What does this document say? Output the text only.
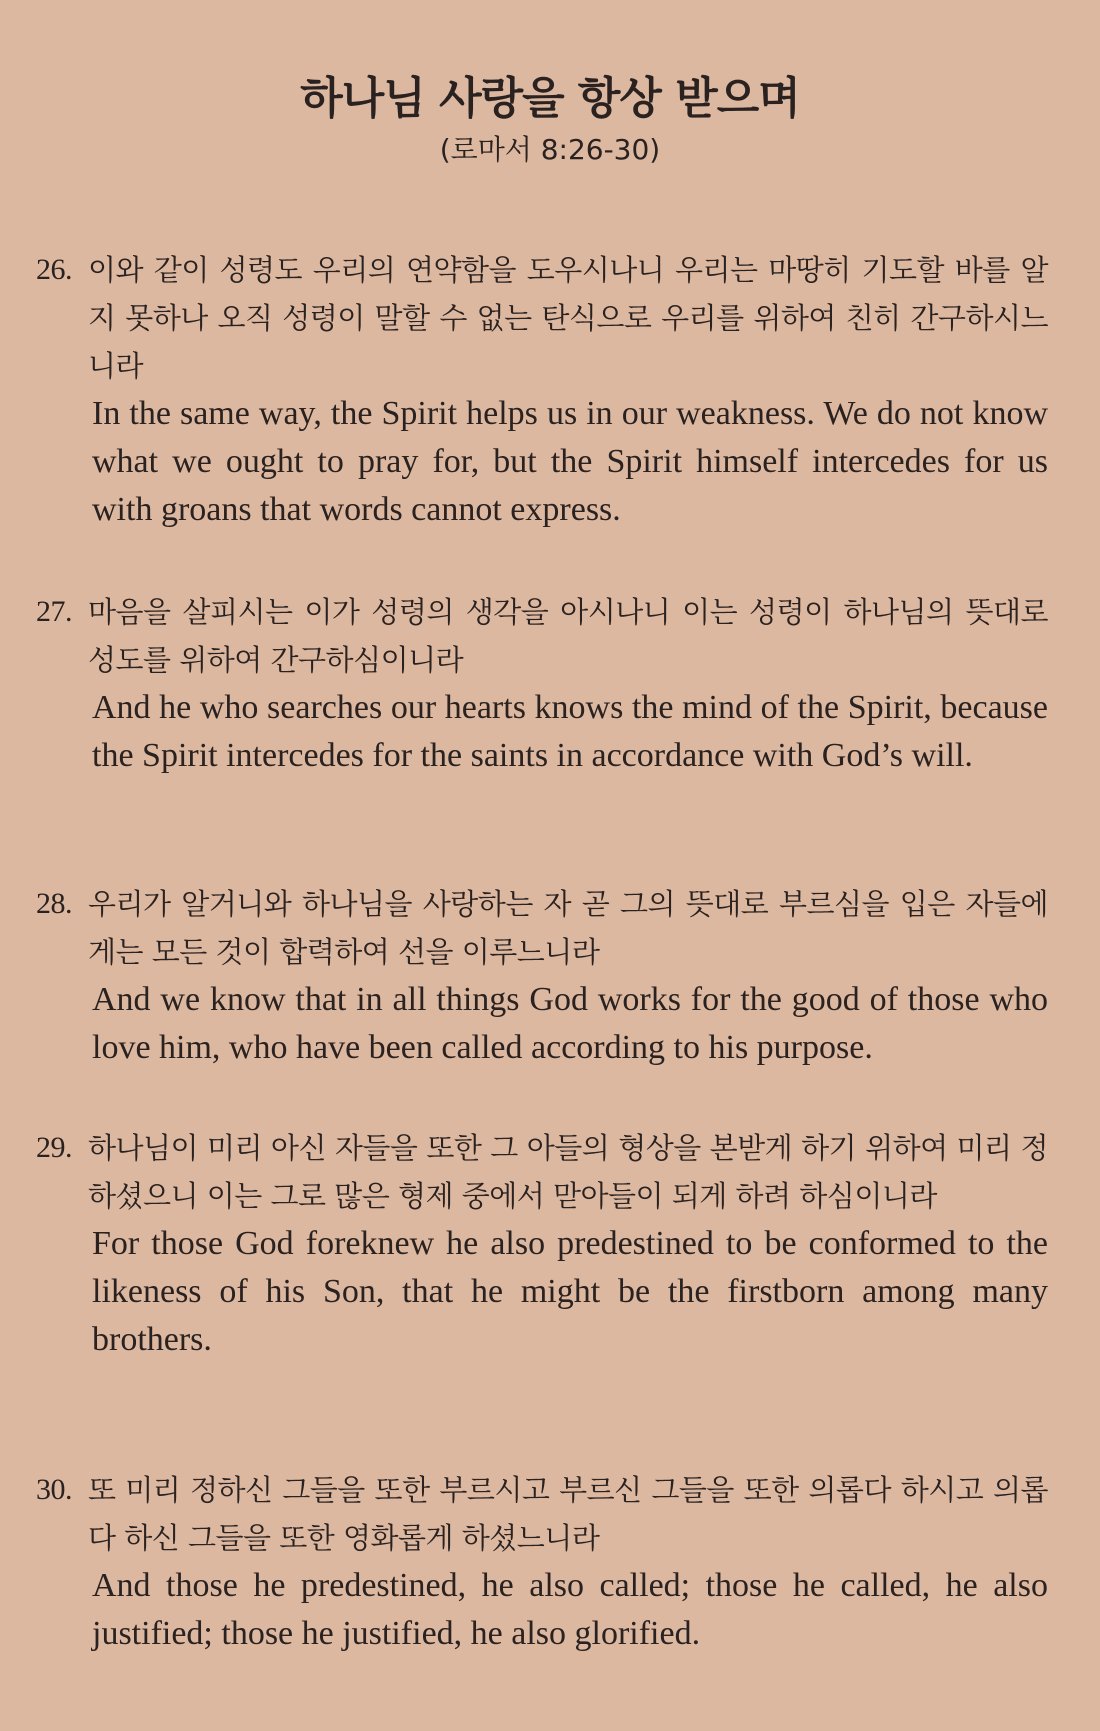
하나님 사랑을 항상 받으며
(로마서 8:26-30)
26. 이와 같이 성령도 우리의 연약함을 도우시나니 우리는 마땅히 기도할 바를 알지 못하나 오직 성령이 말할 수 없는 탄식으로 우리를 위하여 친히 간구하시느니라
In the same way, the Spirit helps us in our weakness. We do not know what we ought to pray for, but the Spirit himself intercedes for us with groans that words cannot express.
27. 마음을 살피시는 이가 성령의 생각을 아시나니 이는 성령이 하나님의 뜻대로 성도를 위하여 간구하심이니라
And he who searches our hearts knows the mind of the Spirit, because the Spirit intercedes for the saints in accordance with God’s will.
28. 우리가 알거니와 하나님을 사랑하는 자 곧 그의 뜻대로 부르심을 입은 자들에게는 모든 것이 합력하여 선을 이루느니라
And we know that in all things God works for the good of those who love him, who have been called according to his purpose.
29. 하나님이 미리 아신 자들을 또한 그 아들의 형상을 본받게 하기 위하여 미리 정하셨으니 이는 그로 많은 형제 중에서 맏아들이 되게 하려 하심이니라
For those God foreknew he also predestined to be conformed to the likeness of his Son, that he might be the firstborn among many brothers.
30. 또 미리 정하신 그들을 또한 부르시고 부르신 그들을 또한 의롭다 하시고 의롭다 하신 그들을 또한 영화롭게 하셨느니라
And those he predestined, he also called; those he called, he also justified; those he justified, he also glorified.
